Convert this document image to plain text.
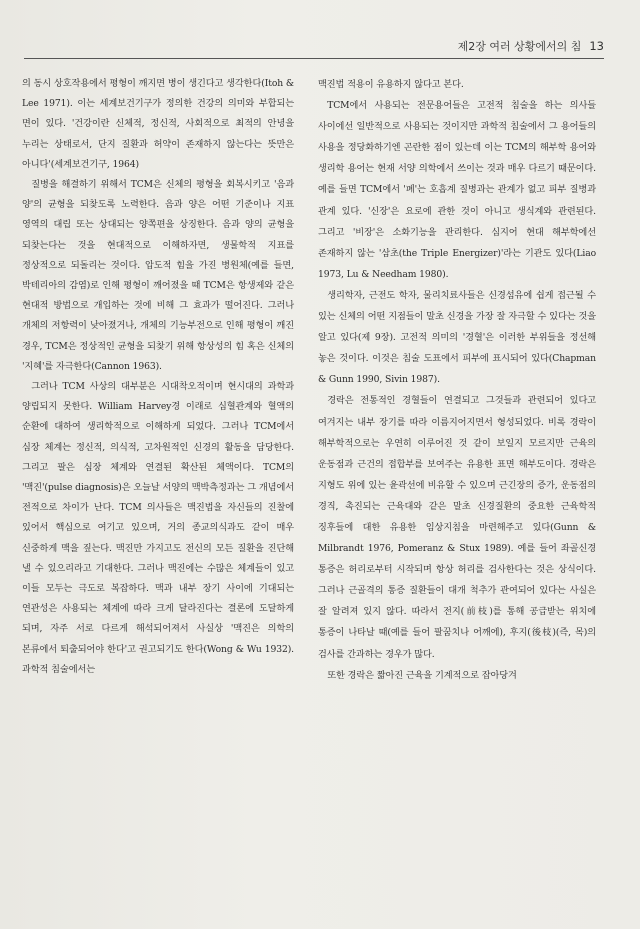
제2장 여러 상황에서의 침 13

의 동시 상호작용에서 평형이 깨지면 병이 생긴다고 생각한다(Itoh & Lee 1971). 이는 세계보건기구가 정의한 건강의 의미와 부합되는 면이 있다. '건강이란 신체적, 정신적, 사회적으로 최적의 안녕을 누리는 상태로서, 단지 질환과 허약이 존재하지 않는다는 뜻만은 아니다'(세계보건기구, 1964)

질병을 해결하기 위해서 TCM은 신체의 평형을 회복시키고 '음과 양'의 균형을 되찾도록 노력한다. 음과 양은 어떤 기준이나 지표 영역의 대립 또는 상대되는 양쪽편을 상징한다. 음과 양의 균형을 되찾는다는 것을 현대적으로 이해하자면, 생물학적 지표를 정상적으로 되돌리는 것이다. 압도적 힘을 가진 병원체(예를 들면, 박테리아의 감염)로 인해 평형이 깨어졌을 때 TCM은 항생제와 같은 현대적 방법으로 개입하는 것에 비해 그 효과가 떨어진다. 그러나 개체의 저항력이 낮아졌거나, 개체의 기능부전으로 인해 평형이 깨진 경우, TCM은 정상적인 균형을 되찾기 위해 항상성의 힘 혹은 신체의 '지혜'를 자극한다(Cannon 1963).

그러나 TCM 사상의 대부분은 시대착오적이며 현시대의 과학과 양립되지 못한다. William Harvey경 이래로 심혈관계와 혈액의 순환에 대하여 생리학적으로 이해하게 되었다. 그러나 TCM에서 심장 체계는 정신적, 의식적, 고차원적인 신경의 활동을 담당한다. 그리고 팔은 심장 체계와 연결된 확산된 체액이다. TCM의 '맥진'(pulse diagnosis)은 오늘날 서양의 맥박측정과는 그 개념에서 전적으로 차이가 난다. TCM 의사들은 맥진법을 자신들의 진찰에 있어서 핵심으로 여기고 있으며, 거의 종교의식과도 같이 매우 신중하게 맥을 짚는다. 맥진만 가지고도 전신의 모든 질환을 진단해 낼 수 있으리라고 기대한다. 그러나 맥진에는 수많은 체계들이 있고 이들 모두는 극도로 복잡하다. 맥과 내부 장기 사이에 기대되는 연관성은 사용되는 체계에 따라 크게 달라진다는 결론에 도달하게 되며, 자주 서로 다르게 해석되어져서 사실상 '맥진은 의학의 본류에서 퇴출되어야 한다'고 권고되기도 한다(Wong & Wu 1932). 과학적 침술에서는

맥진법 적용이 유용하지 않다고 본다.

TCM에서 사용되는 전문용어들은 고전적 침술을 하는 의사들 사이에선 일반적으로 사용되는 것이지만 과학적 침술에서 그 용어들의 사용을 정당화하기엔 곤란한 점이 있는데 이는 TCM의 해부학 용어와 생리학 용어는 현재 서양 의학에서 쓰이는 것과 매우 다르기 때문이다. 예를 들면 TCM에서 '폐'는 호흡계 질병과는 관계가 없고 피부 질병과 관계 있다. '신장'은 요로에 관한 것이 아니고 생식계와 관련된다. 그리고 '비장'은 소화기능을 관리한다. 심지어 현대 해부학에선 존재하지 않는 '삼초(the Triple Energizer)'라는 기관도 있다(Liao 1973, Lu & Needham 1980).

생리학자, 근전도 학자, 물리치료사들은 신경섬유에 쉽게 접근될 수 있는 신체의 어떤 지점들이 말초 신경을 가장 잘 자극할 수 있다는 것을 알고 있다(제 9장). 고전적 의미의 '경혈'은 이러한 부위들을 정선해 놓은 것이다. 이것은 침술 도표에서 피부에 표시되어 있다(Chapman & Gunn 1990, Sivin 1987).

경락은 전통적인 경혈들이 연결되고 그것들과 관련되어 있다고 여겨지는 내부 장기를 따라 이름지어지면서 형성되었다. 비록 경락이 해부학적으로는 우연히 이루어진 것 같이 보일지 모르지만 근육의 운동점과 근건의 접합부를 보여주는 유용한 표면 해부도이다. 경락은 지형도 위에 있는 윤곽선에 비유할 수 있으며 근긴장의 증가, 운동점의 경직, 촉진되는 근육대와 같은 말초 신경질환의 중요한 근육학적 징후들에 대한 유용한 임상지침을 마련해주고 있다(Gunn & Milbrandt 1976, Pomeranz & Stux 1989). 예를 들어 좌골신경 통증은 허리로부터 시작되며 항상 허리를 검사한다는 것은 상식이다. 그러나 근골격의 통증 질환들이 대개 척추가 관여되어 있다는 사실은 잘 알려져 있지 않다. 따라서 전지(前枝)를 통해 공급받는 위치에 통증이 나타날 때(예를 들어 팔꿈치나 어깨에), 후지(後枝)(즉, 목)의 검사를 간과하는 경우가 많다.

또한 경락은 짧아진 근육을 기계적으로 잡아당겨
